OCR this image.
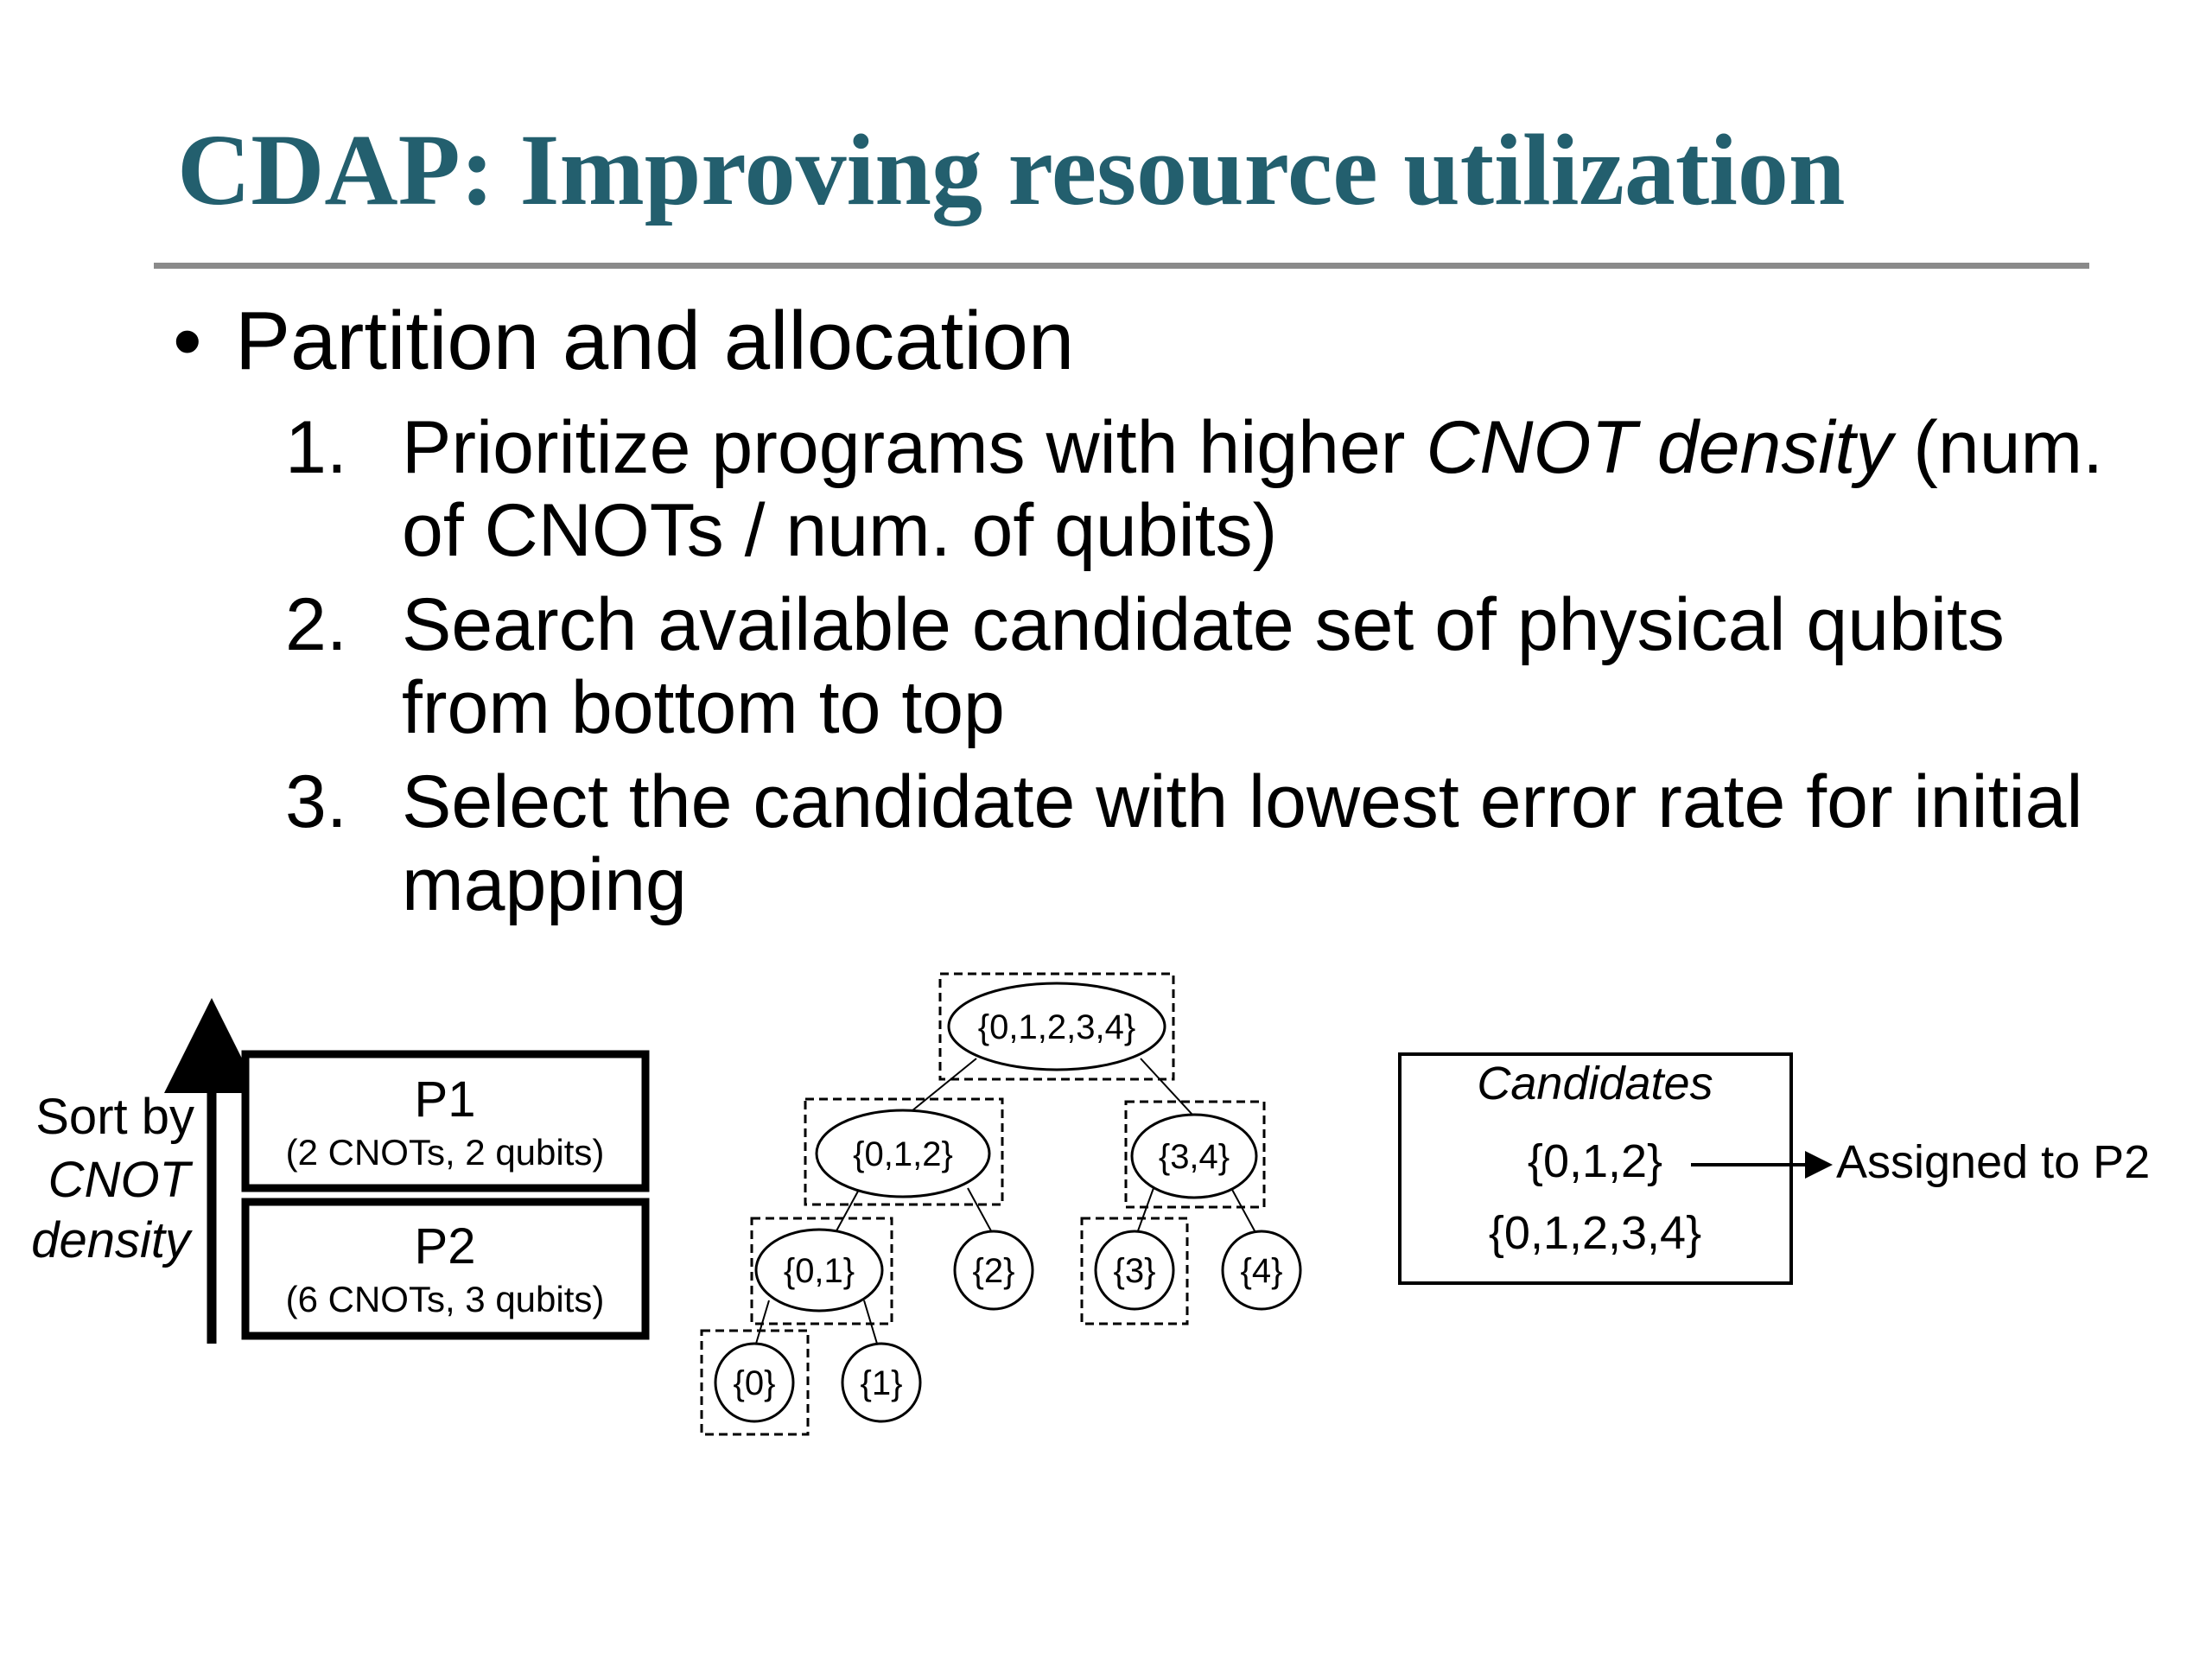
CDAP: Improving resource utilization
• Partition and allocation
1. Prioritize programs with higher CNOT density (num. of CNOTs / num. of qubits)
2. Search available candidate set of physical qubits from bottom to top
3. Select the candidate with lowest error rate for initial mapping
Sort by
CNOT
density
P1
(2 CNOTs, 2 qubits)
P2
(6 CNOTs, 3 qubits)
{0,1,2,3,4}
{0,1,2}	{3,4}
{0,1}	{2}	{3} {4}
{0} {1}
Candidates
{0,1,2}
{0,1,2,3,4}
Assigned to P2
